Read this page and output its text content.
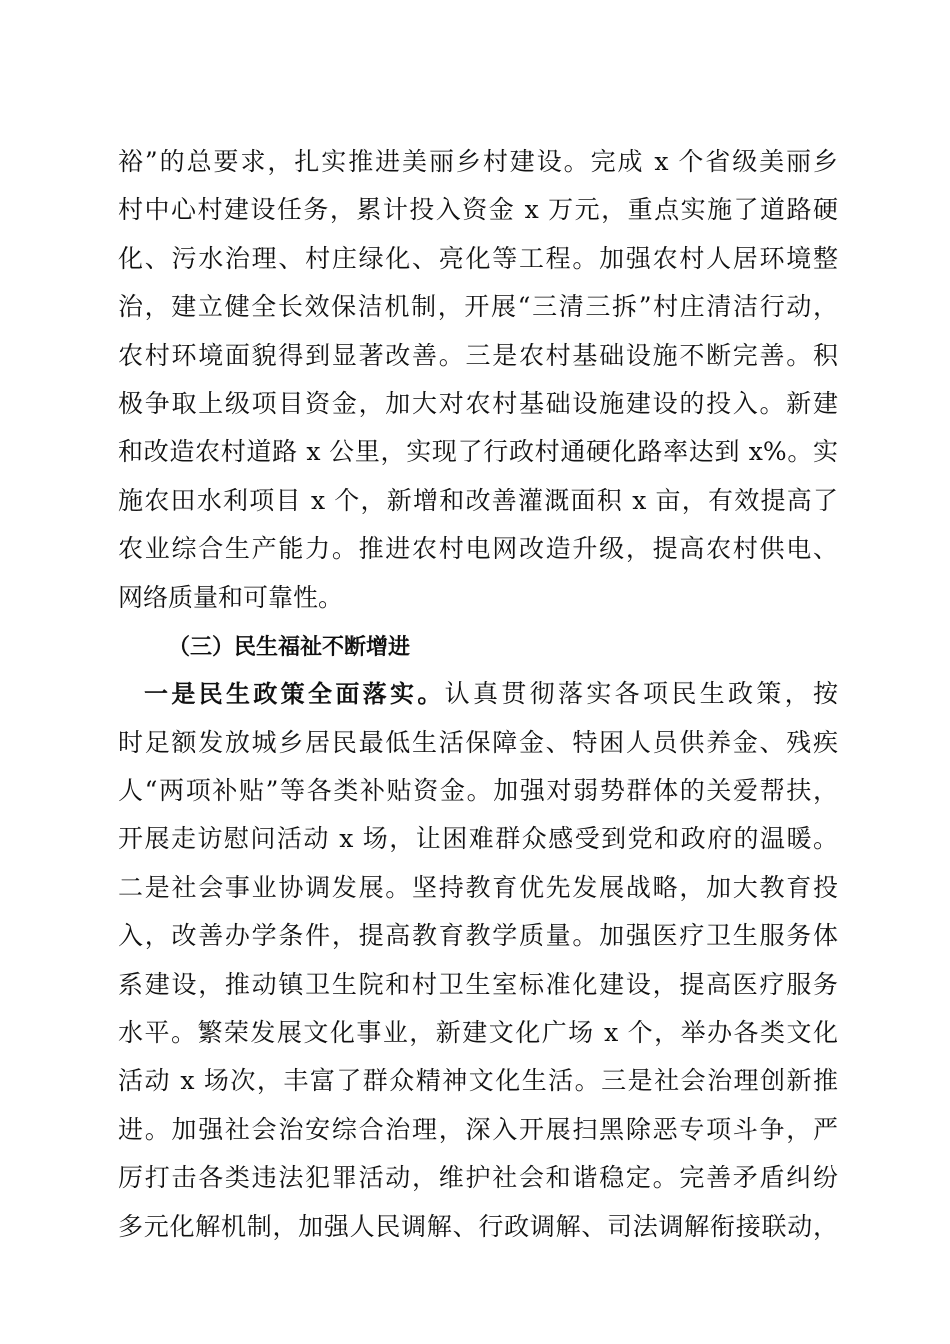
裕”的总要求，扎实推进美丽乡村建设。完成 x 个省级美丽乡
村中心村建设任务，累计投入资金 x 万元，重点实施了道路硬
化、污水治理、村庄绿化、亮化等工程。加强农村人居环境整
治，建立健全长效保洁机制，开展“三清三拆”村庄清洁行动，
农村环境面貌得到显著改善。三是农村基础设施不断完善。积
极争取上级项目资金，加大对农村基础设施建设的投入。新建
和改造农村道路 x 公里，实现了行政村通硬化路率达到 x%。实
施农田水利项目 x 个，新增和改善灌溉面积 x 亩，有效提高了
农业综合生产能力。推进农村电网改造升级，提高农村供电、
网络质量和可靠性。
（三）民生福祉不断增进
一是民生政策全面落实。认真贯彻落实各项民生政策，按
时足额发放城乡居民最低生活保障金、特困人员供养金、残疾
人“两项补贴”等各类补贴资金。加强对弱势群体的关爱帮扶，
开展走访慰问活动 x 场，让困难群众感受到党和政府的温暖。
二是社会事业协调发展。坚持教育优先发展战略，加大教育投
入，改善办学条件，提高教育教学质量。加强医疗卫生服务体
系建设，推动镇卫生院和村卫生室标准化建设，提高医疗服务
水平。繁荣发展文化事业，新建文化广场 x 个，举办各类文化
活动 x 场次，丰富了群众精神文化生活。三是社会治理创新推
进。加强社会治安综合治理，深入开展扫黑除恶专项斗争，严
厉打击各类违法犯罪活动，维护社会和谐稳定。完善矛盾纠纷
多元化解机制，加强人民调解、行政调解、司法调解衔接联动，
